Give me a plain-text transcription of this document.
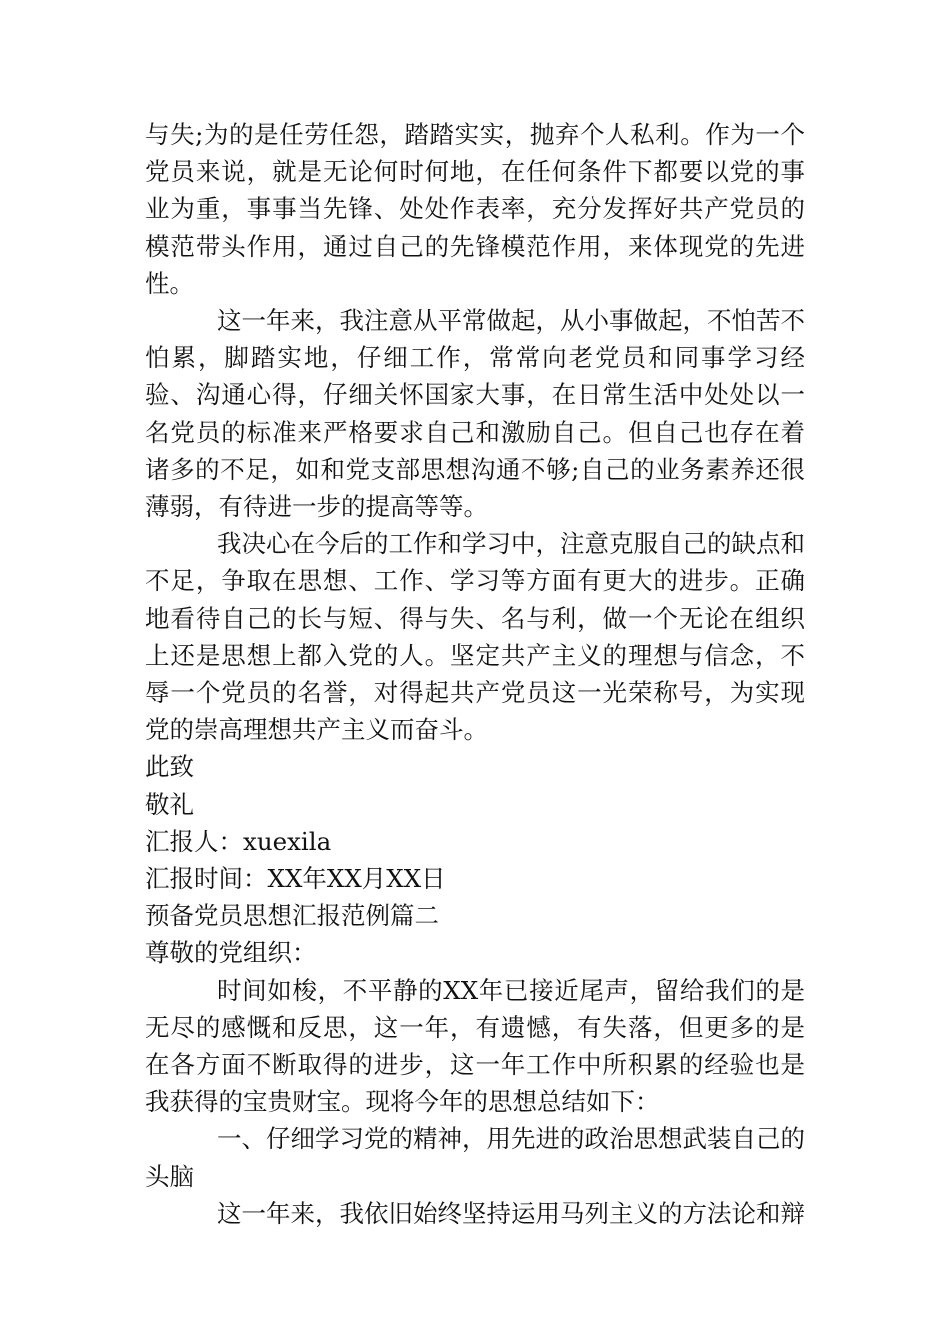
与失;为的是任劳任怨，踏踏实实，抛弃个人私利。作为一个党员来说，就是无论何时何地，在任何条件下都要以党的事业为重，事事当先锋、处处作表率，充分发挥好共产党员的模范带头作用，通过自己的先锋模范作用，来体现党的先进性。

这一年来，我注意从平常做起，从小事做起，不怕苦不怕累，脚踏实地，仔细工作，常常向老党员和同事学习经验、沟通心得，仔细关怀国家大事，在日常生活中处处以一名党员的标准来严格要求自己和激励自己。但自己也存在着诸多的不足，如和党支部思想沟通不够;自己的业务素养还很薄弱，有待进一步的提高等等。

我决心在今后的工作和学习中，注意克服自己的缺点和不足，争取在思想、工作、学习等方面有更大的进步。正确地看待自己的长与短、得与失、名与利，做一个无论在组织上还是思想上都入党的人。坚定共产主义的理想与信念，不辱一个党员的名誉，对得起共产党员这一光荣称号，为实现党的崇高理想共产主义而奋斗。

此致

敬礼

汇报人：xuexila

汇报时间：XX年XX月XX日

预备党员思想汇报范例篇二

尊敬的党组织：

时间如梭，不平静的XX年已接近尾声，留给我们的是无尽的感慨和反思，这一年，有遗憾，有失落，但更多的是在各方面不断取得的进步，这一年工作中所积累的经验也是我获得的宝贵财宝。现将今年的思想总结如下：

一、仔细学习党的精神，用先进的政治思想武装自己的头脑

这一年来，我依旧始终坚持运用马列主义的方法论和辩
